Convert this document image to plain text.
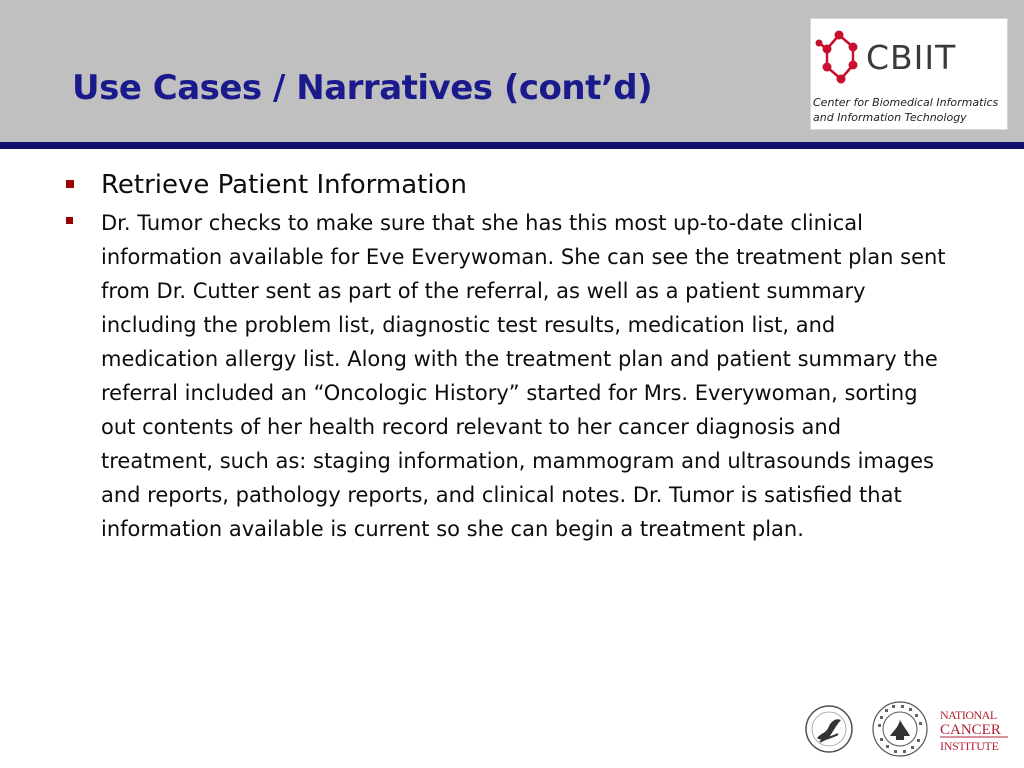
Use Cases / Narratives (cont’d)
CBIIT
Center for Biomedical Informatics
and Information Technology
Retrieve Patient Information
Dr. Tumor checks to make sure that she has this most up-to-date clinical information available for Eve Everywoman. She can see the treatment plan sent from Dr. Cutter sent as part of the referral, as well as a patient summary including the problem list, diagnostic test results, medication list, and medication allergy list. Along with the treatment plan and patient summary the referral included an “Oncologic History” started for Mrs. Everywoman, sorting out contents of her health record relevant to her cancer diagnosis and treatment, such as: staging information, mammogram and ultrasounds images and reports, pathology reports, and clinical notes. Dr. Tumor is satisfied that information available is current so she can begin a treatment plan.
NATIONAL
CANCER
INSTITUTE
